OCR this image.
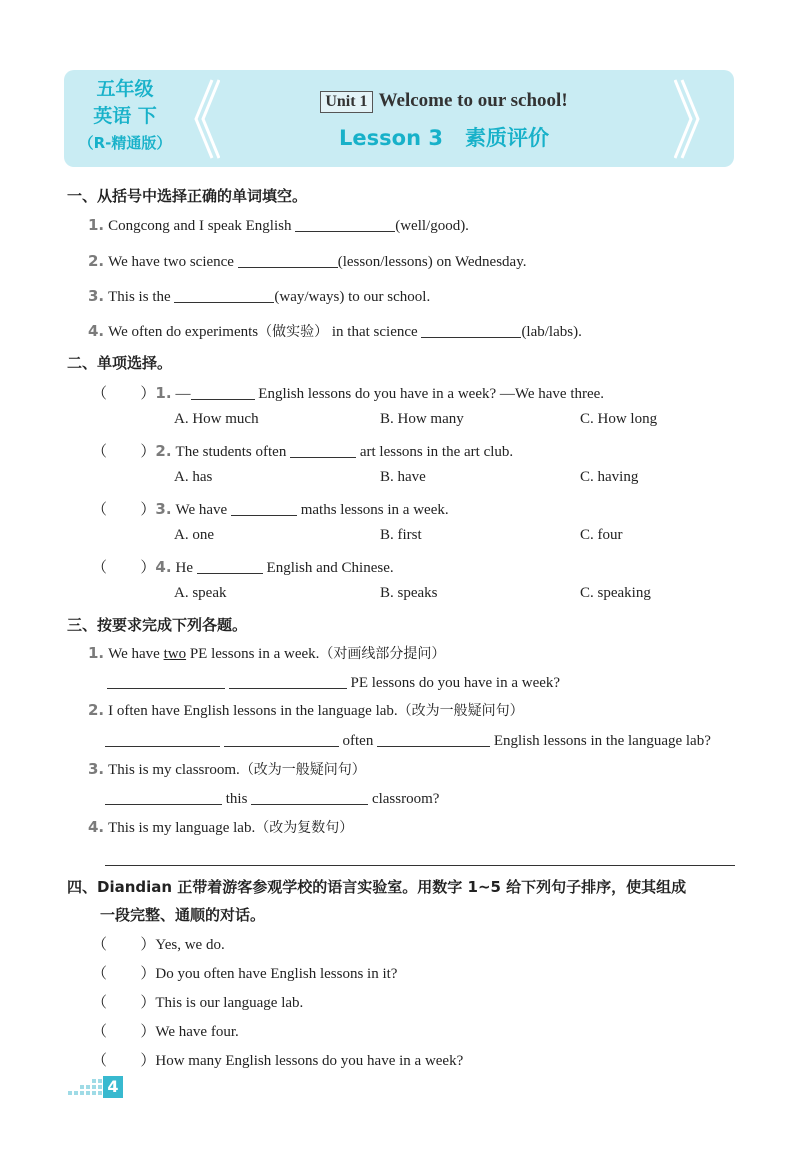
五年级
英语 下
（R-精通版）
Unit 1 Welcome to our school!
Lesson 3 素质评价
一、从括号中选择正确的单词填空。
1. Congcong and I speak English	(well/good).
2. We have two science	(lesson/lessons) on Wednesday.
3. This is the	(way/ways) to our school.
4. We often do experiments（做实验） in that science	(lab/labs).
二、单项选择。
（       ）1. —	English lessons do you have in a week? —We have three.
A. How much	B. How many	C. How long
（       ）2. The students often	art lessons in the art club.
A. has	B. have	C. having
（       ）3. We have	maths lessons in a week.
A. one	B. first	C. four
（       ）4. He	English and Chinese.
A. speak	B. speaks	C. speaking
三、按要求完成下列各题。
1. We have two PE lessons in a week.（对画线部分提问）
PE lessons do you have in a week?
2. I often have English lessons in the language lab.（改为一般疑问句）
often	English lessons in the language lab?
3. This is my classroom.（改为一般疑问句）
this	classroom?
4. This is my language lab.（改为复数句）
四、Diandian 正带着游客参观学校的语言实验室。用数字 1~5 给下列句子排序，使其组成
一段完整、通顺的对话。
（       ）Yes, we do.
（       ）Do you often have English lessons in it?
（       ）This is our language lab.
（       ）We have four.
（       ）How many English lessons do you have in a week?
4
